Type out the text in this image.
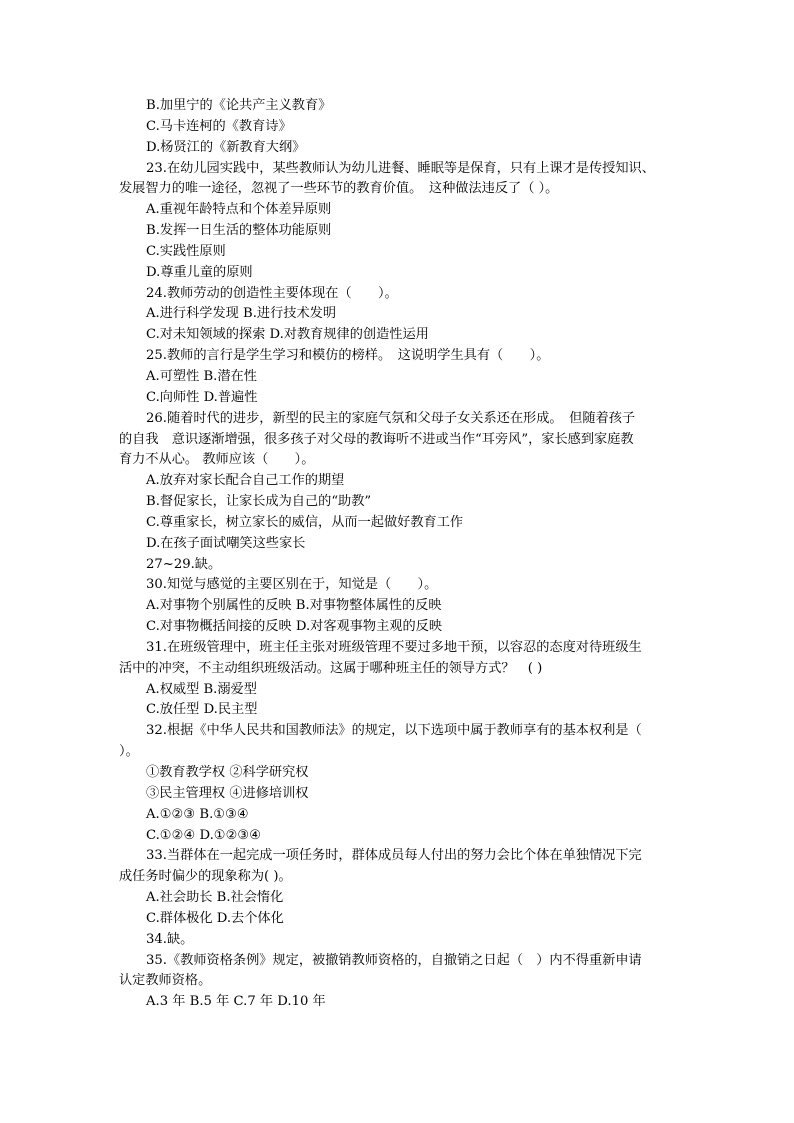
B.加里宁的《论共产主义教育》
C.马卡连柯的《教育诗》
D.杨贤江的《新教育大纲》
23.在幼儿园实践中，某些教师认为幼儿进餐、睡眠等是保育，只有上课才是传授知识、
发展智力的唯一途径，忽视了一些环节的教育价值。　这种做法违反了（ ）。
A.重视年龄特点和个体差异原则
B.发挥一日生活的整体功能原则
C.实践性原则
D.尊重儿童的原则
24.教师劳动的创造性主要体现在（　　）。
A.进行科学发现 B.进行技术发明
C.对未知领域的探索 D.对教育规律的创造性运用
25.教师的言行是学生学习和模仿的榜样。　这说明学生具有（　　）。
A.可塑性 B.潜在性
C.向师性 D.普遍性
26.随着时代的进步，新型的民主的家庭气氛和父母子女关系还在形成。　但随着孩子
的自我　意识逐渐增强，很多孩子对父母的教诲听不进或当作“耳旁风”，家长感到家庭教
育力不从心。 教师应该（　　）。
A.放弃对家长配合自己工作的期望
B.督促家长，让家长成为自己的“助教”
C.尊重家长，树立家长的威信，从而一起做好教育工作
D.在孩子面试嘲笑这些家长
27~29.缺。
30.知觉与感觉的主要区别在于，知觉是（　　）。
A.对事物个别属性的反映 B.对事物整体属性的反映
C.对事物概括间接的反映 D.对客观事物主观的反映
31.在班级管理中，班主任主张对班级管理不要过多地干预，以容忍的态度对待班级生
活中的冲突，不主动组织班级活动。这属于哪种班主任的领导方式？　( )
A.权威型 B.溺爱型
C.放任型 D.民主型
32.根据《中华人民共和国教师法》的规定，以下选项中属于教师享有的基本权利是（
）。
①教育教学权 ②科学研究权
③民主管理权 ④进修培训权
A.①②③ B.①③④
C.①②④ D.①②③④
33.当群体在一起完成一项任务时，群体成员每人付出的努力会比个体在单独情况下完
成任务时偏少的现象称为( )。
A.社会助长 B.社会惰化
C.群体极化 D.去个体化
34.缺。
35.《教师资格条例》规定，被撤销教师资格的，自撤销之日起（　）内不得重新申请
认定教师资格。
A.3 年 B.5 年 C.7 年 D.10 年
